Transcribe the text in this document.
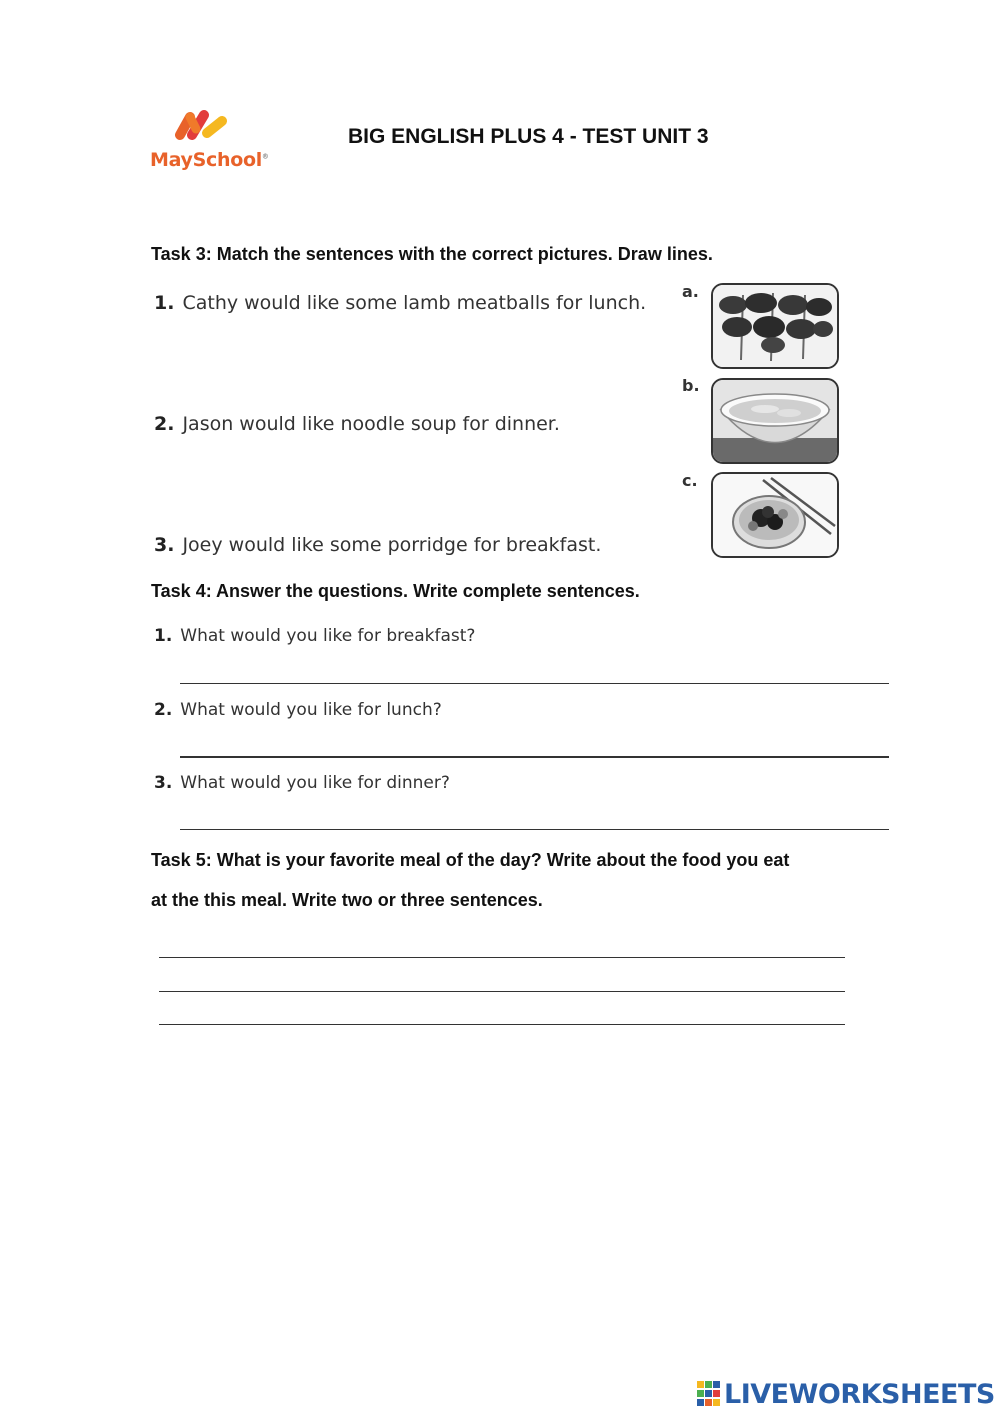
MaySchool®
BIG ENGLISH PLUS 4 - TEST UNIT 3
Task 3: Match the sentences with the correct pictures. Draw lines.
1. Cathy would like some lamb meatballs for lunch.
2. Jason would like noodle soup for dinner.
3. Joey would like some porridge for breakfast.
a.
b.
c.
Task 4: Answer the questions. Write complete sentences.
1. What would you like for breakfast?
2. What would you like for lunch?
3. What would you like for dinner?
Task 5: What is your favorite meal of the day? Write about the food you eat
at the this meal. Write two or three sentences.
LIVEWORKSHEETS
